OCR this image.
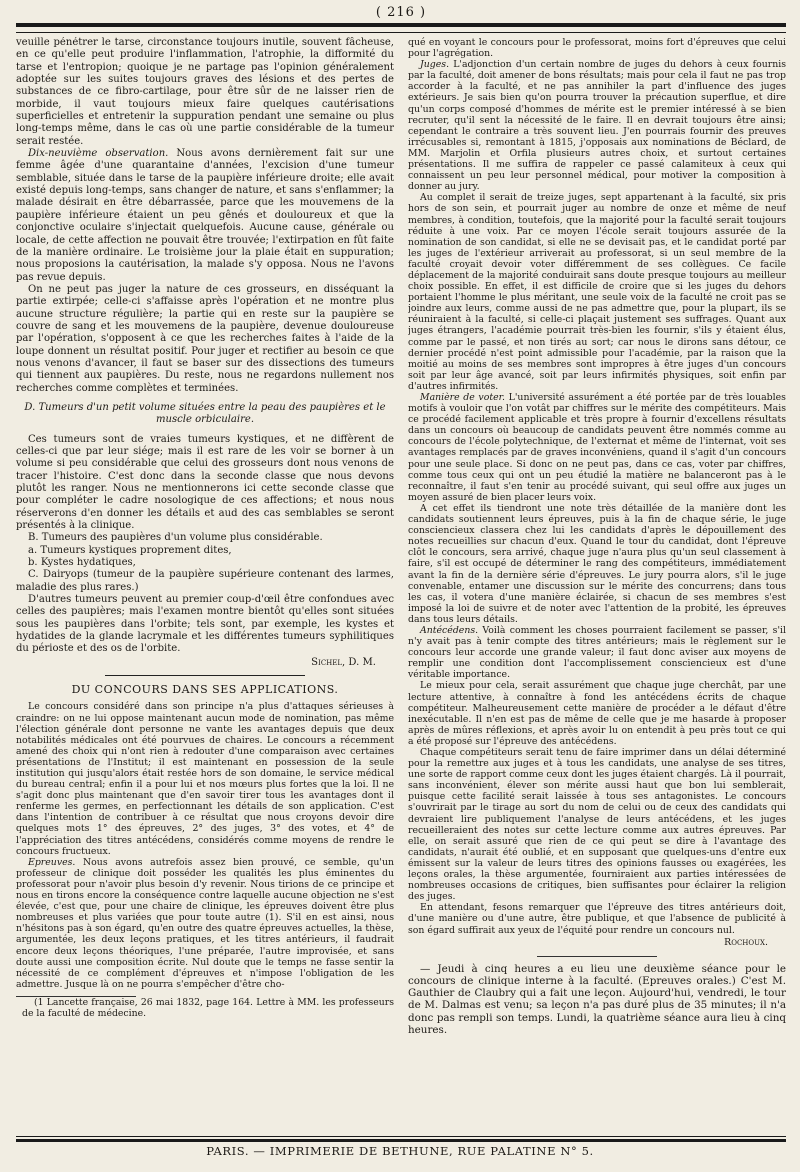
( 216 )

veuille pénétrer le tarse, circonstance toujours inutile, souvent fâcheuse, en ce qu'elle peut produire l'inflammation, l'atrophie, la difformité du tarse et l'entropion; quoique je ne partage pas l'opinion généralement adoptée sur les suites toujours graves des lésions et des pertes de substances de ce fibro-cartilage, pour être sûr de ne laisser rien de morbide, il vaut toujours mieux faire quelques cautérisations superficielles et entretenir la suppuration pendant une semaine ou plus long-temps même, dans le cas où une partie considérable de la tumeur serait restée.

Dix-neuvième observation. Nous avons dernièrement fait sur une femme âgée d'une quarantaine d'années, l'excision d'une tumeur semblable, située dans le tarse de la paupière inférieure droite; elle avait existé depuis long-temps, sans changer de nature, et sans s'enflammer; la malade désirait en être débarrassée, parce que les mouvemens de la paupière inférieure étaient un peu gênés et douloureux et que la conjonctive oculaire s'injectait quelquefois. Aucune cause, générale ou locale, de cette affection ne pouvait être trouvée; l'extirpation en fût faite de la manière ordinaire. Le troisième jour la plaie était en suppuration; nous proposions la cautérisation, la malade s'y opposa. Nous ne l'avons pas revue depuis.

On ne peut pas juger la nature de ces grosseurs, en disséquant la partie extirpée; celle-ci s'affaisse après l'opération et ne montre plus aucune structure régulière; la partie qui en reste sur la paupière se couvre de sang et les mouvemens de la paupière, devenue douloureuse par l'opération, s'opposent à ce que les recherches faites à l'aide de la loupe donnent un résultat positif. Pour juger et rectifier au besoin ce que nous venons d'avancer, il faut se baser sur des dissections des tumeurs qui tiennent aux paupières. Du reste, nous ne regardons nullement nos recherches comme complètes et terminées.

D. Tumeurs d'un petit volume situées entre la peau des paupières et le muscle orbiculaire.

Ces tumeurs sont de vraies tumeurs kystiques, et ne diffèrent de celles-ci que par leur siége; mais il est rare de les voir se borner à un volume si peu considérable que celui des grosseurs dont nous venons de tracer l'histoire. C'est donc dans la seconde classe que nous devons plutôt les ranger. Nous ne mentionnerons ici cette seconde classe que pour compléter le cadre nosologique de ces affections; et nous nous réserverons d'en donner les détails et aud des cas semblables se seront présentés à la clinique.

B. Tumeurs des paupières d'un volume plus considérable.

a. Tumeurs kystiques proprement dites,

b. Kystes hydatiques,

C. Dairyops (tumeur de la paupière supérieure contenant des larmes, maladie des plus rares.)

D'autres tumeurs peuvent au premier coup-d'œil être confondues avec celles des paupières; mais l'examen montre bientôt qu'elles sont situées sous les paupières dans l'orbite; tels sont, par exemple, les kystes et hydatides de la glande lacrymale et les différentes tumeurs syphilitiques du périoste et des os de l'orbite.

Sichel, D. M.
DU CONCOURS DANS SES APPLICATIONS.

Le concours considéré dans son principe n'a plus d'attaques sérieuses à craindre: on ne lui oppose maintenant aucun mode de nomination, pas même l'élection générale dont personne ne vante les avantages depuis que deux notabilités médicales ont été pourvues de chaires. Le concours a récemment amené des choix qui n'ont rien à redouter d'une comparaison avec certaines présentations de l'Institut; il est maintenant en possession de la seule institution qui jusqu'alors était restée hors de son domaine, le service médical du bureau central; enfin il a pour lui et nos mœurs plus fortes que la loi. Il ne s'agit donc plus maintenant que d'en savoir tirer tous les avantages dont il renferme les germes, en perfectionnant les détails de son application. C'est dans l'intention de contribuer à ce résultat que nous croyons devoir dire quelques mots 1° des épreuves, 2° des juges, 3° des votes, et 4° de l'appréciation des titres antécédens, considérés comme moyens de rendre le concours fructueux.

Epreuves. Nous avons autrefois assez bien prouvé, ce semble, qu'un professeur de clinique doit posséder les qualités les plus éminentes du professorat pour n'avoir plus besoin d'y revenir. Nous tirions de ce principe et nous en tirons encore la conséquence contre laquelle aucune objection ne s'est élevée, c'est que, pour une chaire de clinique, les épreuves doivent être plus nombreuses et plus variées que pour toute autre (1). S'il en est ainsi, nous n'hésitons pas à son égard, qu'en outre des quatre épreuves actuelles, la thèse, argumentée, les deux leçons pratiques, et les titres antérieurs, il faudrait encore deux leçons théoriques, l'une préparée, l'autre improvisée, et sans doute aussi une composition écrite. Nul doute que le temps ne fasse sentir la nécessité de ce complément d'épreuves et n'impose l'obligation de les admettre. Jusque là on ne pourra s'empêcher d'être cho-

(1 Lancette française, 26 mai 1832, page 164. Lettre à MM. les professeurs de la faculté de médecine.

qué en voyant le concours pour le professorat, moins fort d'épreuves que celui pour l'agrégation.

Juges. L'adjonction d'un certain nombre de juges du dehors à ceux fournis par la faculté, doit amener de bons résultats; mais pour cela il faut ne pas trop accorder à la faculté, et ne pas annihiler la part d'influence des juges extérieurs. Je sais bien qu'on pourra trouver la précaution superflue, et dire qu'un corps composé d'hommes de mérite est le premier intéressé à se bien recruter, qu'il sent la nécessité de le faire. Il en devrait toujours être ainsi; cependant le contraire a très souvent lieu. J'en pourrais fournir des preuves irrécusables si, remontant à 1815, j'opposais aux nominations de Béclard, de MM. Marjolin et Orfila plusieurs autres choix, et surtout certaines présentations. Il me suffira de rappeler ce passé calamiteux à ceux qui connaissent un peu leur personnel médical, pour motiver la composition à donner au jury.

Au complet il serait de treize juges, sept appartenant à la faculté, six pris hors de son sein, et pourrait juger au nombre de onze et même de neuf membres, à condition, toutefois, que la majorité pour la faculté serait toujours réduite à une voix. Par ce moyen l'école serait toujours assurée de la nomination de son candidat, si elle ne se devisait pas, et le candidat porté par les juges de l'extérieur arriverait au professorat, si un seul membre de la faculté croyait devoir voter différemment de ses collègues. Ce facile déplacement de la majorité conduirait sans doute presque toujours au meilleur choix possible. En effet, il est difficile de croire que si les juges du dehors portaient l'homme le plus méritant, une seule voix de la faculté ne croit pas se joindre aux leurs, comme aussi de ne pas admettre que, pour la plupart, ils se réuniraient à la faculté, si celle-ci plaçait justement ses suffrages. Quant aux juges étrangers, l'académie pourrait très-bien les fournir, s'ils y étaient élus, comme par le passé, et non tirés au sort; car nous le dirons sans détour, ce dernier procédé n'est point admissible pour l'académie, par la raison que la moitié au moins de ses membres sont impropres à être juges d'un concours soit par leur âge avancé, soit par leurs infirmités physiques, soit enfin par d'autres infirmités.

Manière de voter. L'université assurément a été portée par de très louables motifs à vouloir que l'on votât par chiffres sur le mérite des compétiteurs. Mais ce procédé facilement applicable et très propre à fournir d'excellens résultats dans un concours où beaucoup de candidats peuvent être nommés comme au concours de l'école polytechnique, de l'externat et même de l'internat, voit ses avantages remplacés par de graves inconvéniens, quand il s'agit d'un concours pour une seule place. Si donc on ne peut pas, dans ce cas, voter par chiffres, comme tous ceux qui ont un peu étudié la matière ne balanceront pas à le reconnaître, il faut s'en tenir au procédé suivant, qui seul offre aux juges un moyen assuré de bien placer leurs voix.

A cet effet ils tiendront une note très détaillée de la manière dont les candidats soutiennent leurs épreuves, puis à la fin de chaque série, le juge consciencieux classera chez lui les candidats d'après le dépouillement des notes recueillies sur chacun d'eux. Quand le tour du candidat, dont l'épreuve clôt le concours, sera arrivé, chaque juge n'aura plus qu'un seul classement à faire, s'il est occupé de déterminer le rang des compétiteurs, immédiatement avant la fin de la dernière série d'épreuves. Le jury pourra alors, s'il le juge convenable, entamer une discussion sur le mérite des concurrens; dans tous les cas, il votera d'une manière éclairée, si chacun de ses membres s'est imposé la loi de suivre et de noter avec l'attention de la probité, les épreuves dans tous leurs détails.

Antécédens. Voilà comment les choses pourraient facilement se passer, s'il n'y avait pas à tenir compte des titres antérieurs; mais le règlement sur le concours leur accorde une grande valeur; il faut donc aviser aux moyens de remplir une condition dont l'accomplissement consciencieux est d'une véritable importance.

Le mieux pour cela, serait assurément que chaque juge cherchât, par une lecture attentive, à connaître à fond les antécédens écrits de chaque compétiteur. Malheureusement cette manière de procéder a le défaut d'être inexécutable. Il n'en est pas de même de celle que je me hasarde à proposer après de mûres réflexions, et après avoir lu on entendit à peu près tout ce qui a été proposé sur l'épreuve des antécédens.

Chaque compétiteurs serait tenu de faire imprimer dans un délai déterminé pour la remettre aux juges et à tous les candidats, une analyse de ses titres, une sorte de rapport comme ceux dont les juges étaient chargés. Là il pourrait, sans inconvénient, élever son mérite aussi haut que bon lui semblerait, puisque cette facilité serait laissée à tous ses antagonistes. Le concours s'ouvrirait par le tirage au sort du nom de celui ou de ceux des candidats qui devraient lire publiquement l'analyse de leurs antécédens, et les juges recueilleraient des notes sur cette lecture comme aux autres épreuves. Par elle, on serait assuré que rien de ce qui peut se dire à l'avantage des candidats, n'aurait été oublié, et en supposant que quelques-uns d'entre eux émissent sur la valeur de leurs titres des opinions fausses ou exagérées, les leçons orales, la thèse argumentée, fourniraient aux parties intéressées de nombreuses occasions de critiques, bien suffisantes pour éclairer la religion des juges.

En attendant, fesons remarquer que l'épreuve des titres antérieurs doit, d'une manière ou d'une autre, être publique, et que l'absence de publicité à son égard suffirait aux yeux de l'équité pour rendre un concours nul.

Rochoux.

— Jeudi à cinq heures a eu lieu une deuxième séance pour le concours de clinique interne à la faculté. (Epreuves orales.) C'est M. Gauthier de Claubry qui a fait une leçon. Aujourd'hui, vendredi, le tour de M. Dalmas est venu; sa leçon n'a pas duré plus de 35 minutes; il n'a donc pas rempli son temps. Lundi, la quatrième séance aura lieu à cinq heures.

PARIS. — IMPRIMERIE DE BETHUNE, RUE PALATINE N° 5.
